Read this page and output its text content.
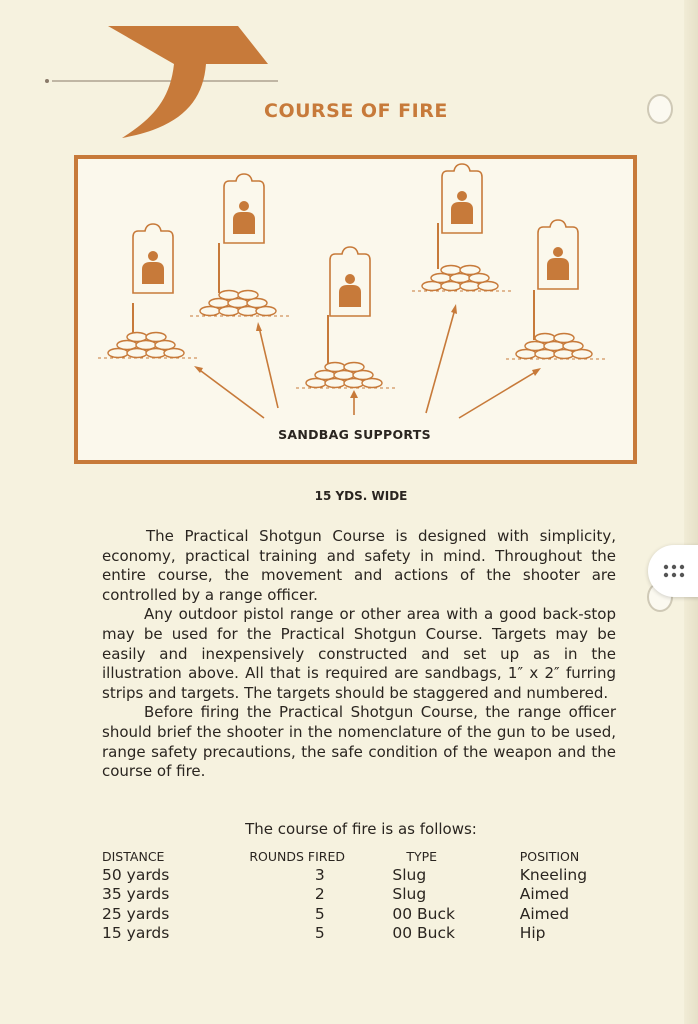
COURSE OF FIRE
SANDBAG SUPPORTS
15 YDS. WIDE

The Practical Shotgun Course is designed with simplicity, economy, practical training and safety in mind. Throughout the entire course, the movement and actions of the shooter are controlled by a range officer.

Any outdoor pistol range or other area with a good back-stop may be used for the Practical Shotgun Course. Targets may be easily and inexpensively constructed and set up as in the illustration above. All that is required are sandbags, 1″ x 2″ furring strips and targets. The targets should be staggered and numbered.

Before firing the Practical Shotgun Course, the range officer should brief the shooter in the nomenclature of the gun to be used, range safety precautions, the safe condition of the weapon and the course of fire.

The course of fire is as follows:
DISTANCE	ROUNDS FIRED	TYPE	POSITION
50 yards	3	Slug	Kneeling
35 yards	2	Slug	Aimed
25 yards	5	00 Buck	Aimed
15 yards	5	00 Buck	Hip
